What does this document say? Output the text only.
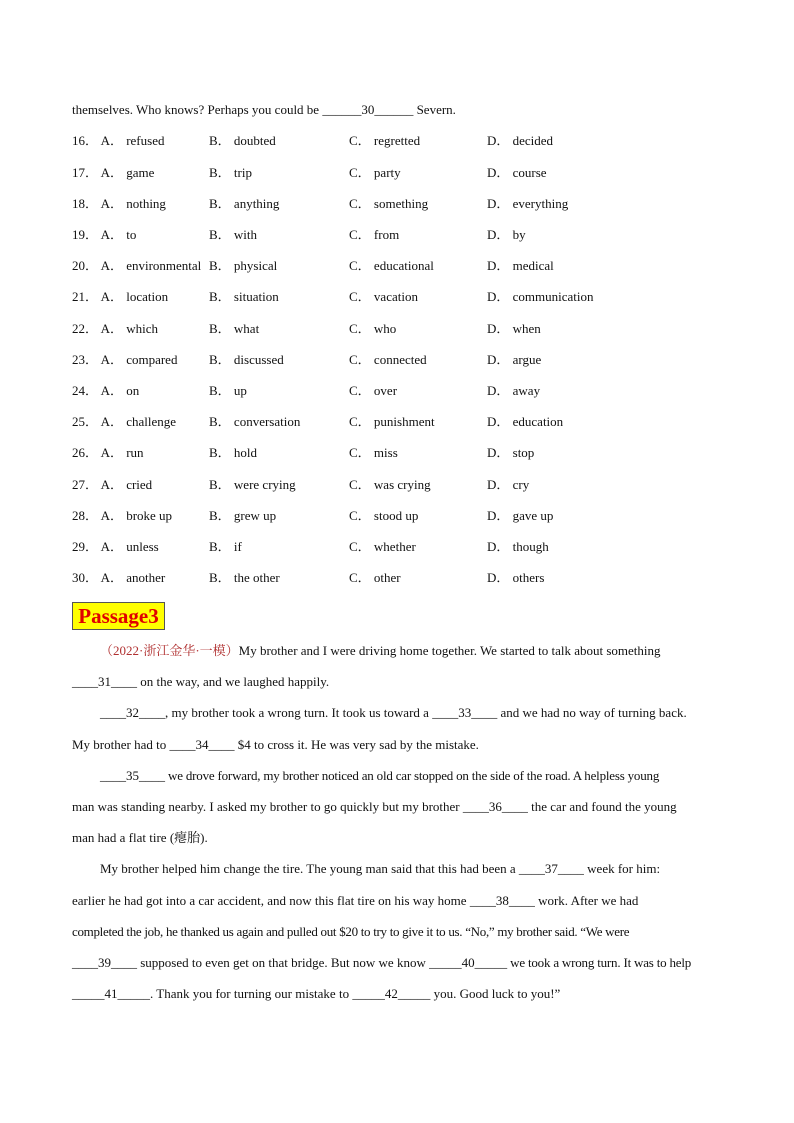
themselves. Who knows? Perhaps you could be ______30______ Severn.
16． A． refused	B． doubted	C． regretted	D． decided
17． A． game	B． trip	C． party	D． course
18． A． nothing	B． anything	C． something	D． everything
19． A． to	B． with	C． from	D． by
20． A． environmental B． physical	C． educational	D． medical
21． A． location	B． situation	C． vacation	D． communication
22． A． which	B． what	C． who	D． when
23． A． compared B． discussed	C． connected	D． argue
24． A． on	B． up	C． over	D． away
25． A． challenge	B． conversation	C． punishment	D． education
26． A． run	B． hold	C． miss	D． stop
27． A． cried	B． were crying	C． was crying	D． cry
28． A． broke up	B． grew up	C． stood up	D． gave up
29． A． unless	B． if	C． whether	D． though
30． A． another	B． the other	C． other	D． others
Passage3
（2022·浙江金华·一模）My brother and I were driving home together. We started to talk about something
____31____ on the way, and we laughed happily.
____32____, my brother took a wrong turn. It took us toward a ____33____ and we had no way of turning back.
My brother had to ____34____ $4 to cross it. He was very sad by the mistake.
____35____ we drove forward, my brother noticed an old car stopped on the side of the road. A helpless young
man was standing nearby. I asked my brother to go quickly but my brother ____36____ the car and found the young
man had a flat tire (瘪胎).
My brother helped him change the tire. The young man said that this had been a ____37____ week for him:
earlier he had got into a car accident, and now this flat tire on his way home ____38____ work. After we had
completed the job, he thanked us again and pulled out $20 to try to give it to us. “No,” my brother said. “We were
____39____ supposed to even get on that bridge. But now we know _____40_____ we took a wrong turn. It was to help
_____41_____. Thank you for turning our mistake to _____42_____ you. Good luck to you!”
